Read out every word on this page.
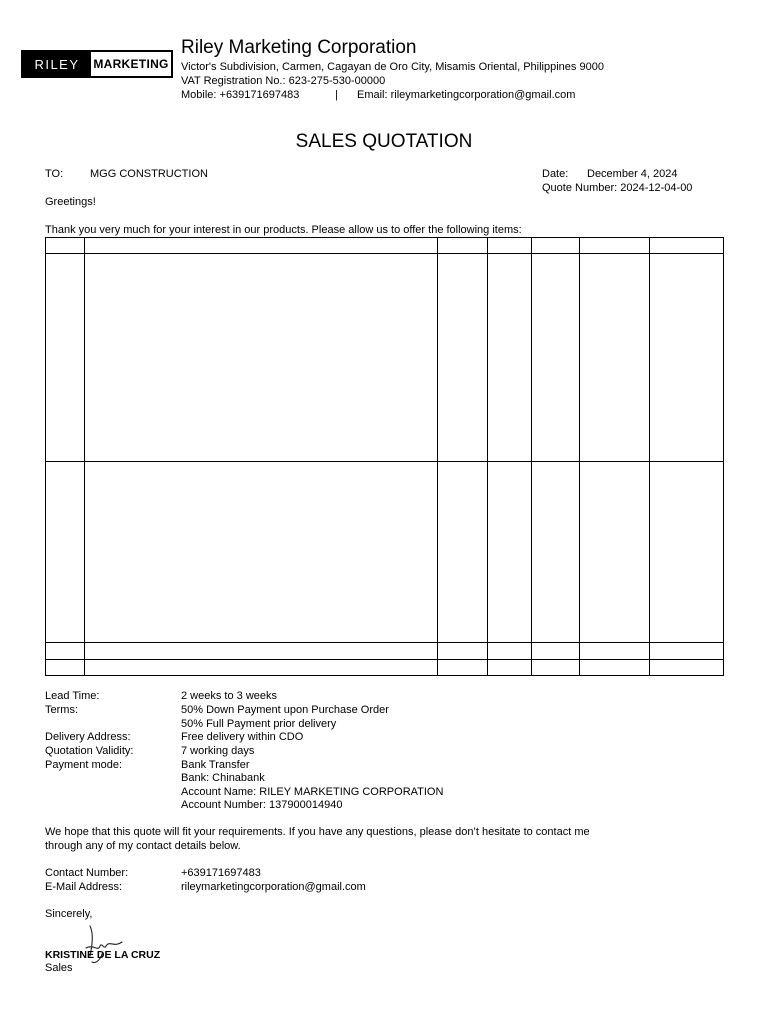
RILEY	MARKETING
Riley Marketing Corporation
Victor's Subdivision, Carmen, Cagayan de Oro City, Misamis Oriental, Philippines 9000
VAT Registration No.: 623-275-530-00000
Mobile: +639171697483	| Email: rileymarketingcorporation@gmail.com
SALES QUOTATION
TO: MGG CONSTRUCTION	Date: December 4, 2024
Quote Number: 2024-12-04-00
Greetings!
Thank you very much for your interest in our products. Please allow us to offer the following items:

Lead Time:	2 weeks to 3 weeks
Terms:	50% Down Payment upon Purchase Order
50% Full Payment prior delivery
Delivery Address:	Free delivery within CDO
Quotation Validity:	7 working days
Payment mode:	Bank Transfer
Bank: Chinabank
Account Name: RILEY MARKETING CORPORATION
Account Number: 137900014940
We hope that this quote will fit your requirements. If you have any questions, please don’t hesitate to contact me
through any of my contact details below.
Contact Number:	+639171697483
E-Mail Address:	rileymarketingcorporation@gmail.com
Sincerely,
KRISTINE DE LA CRUZ
Sales
